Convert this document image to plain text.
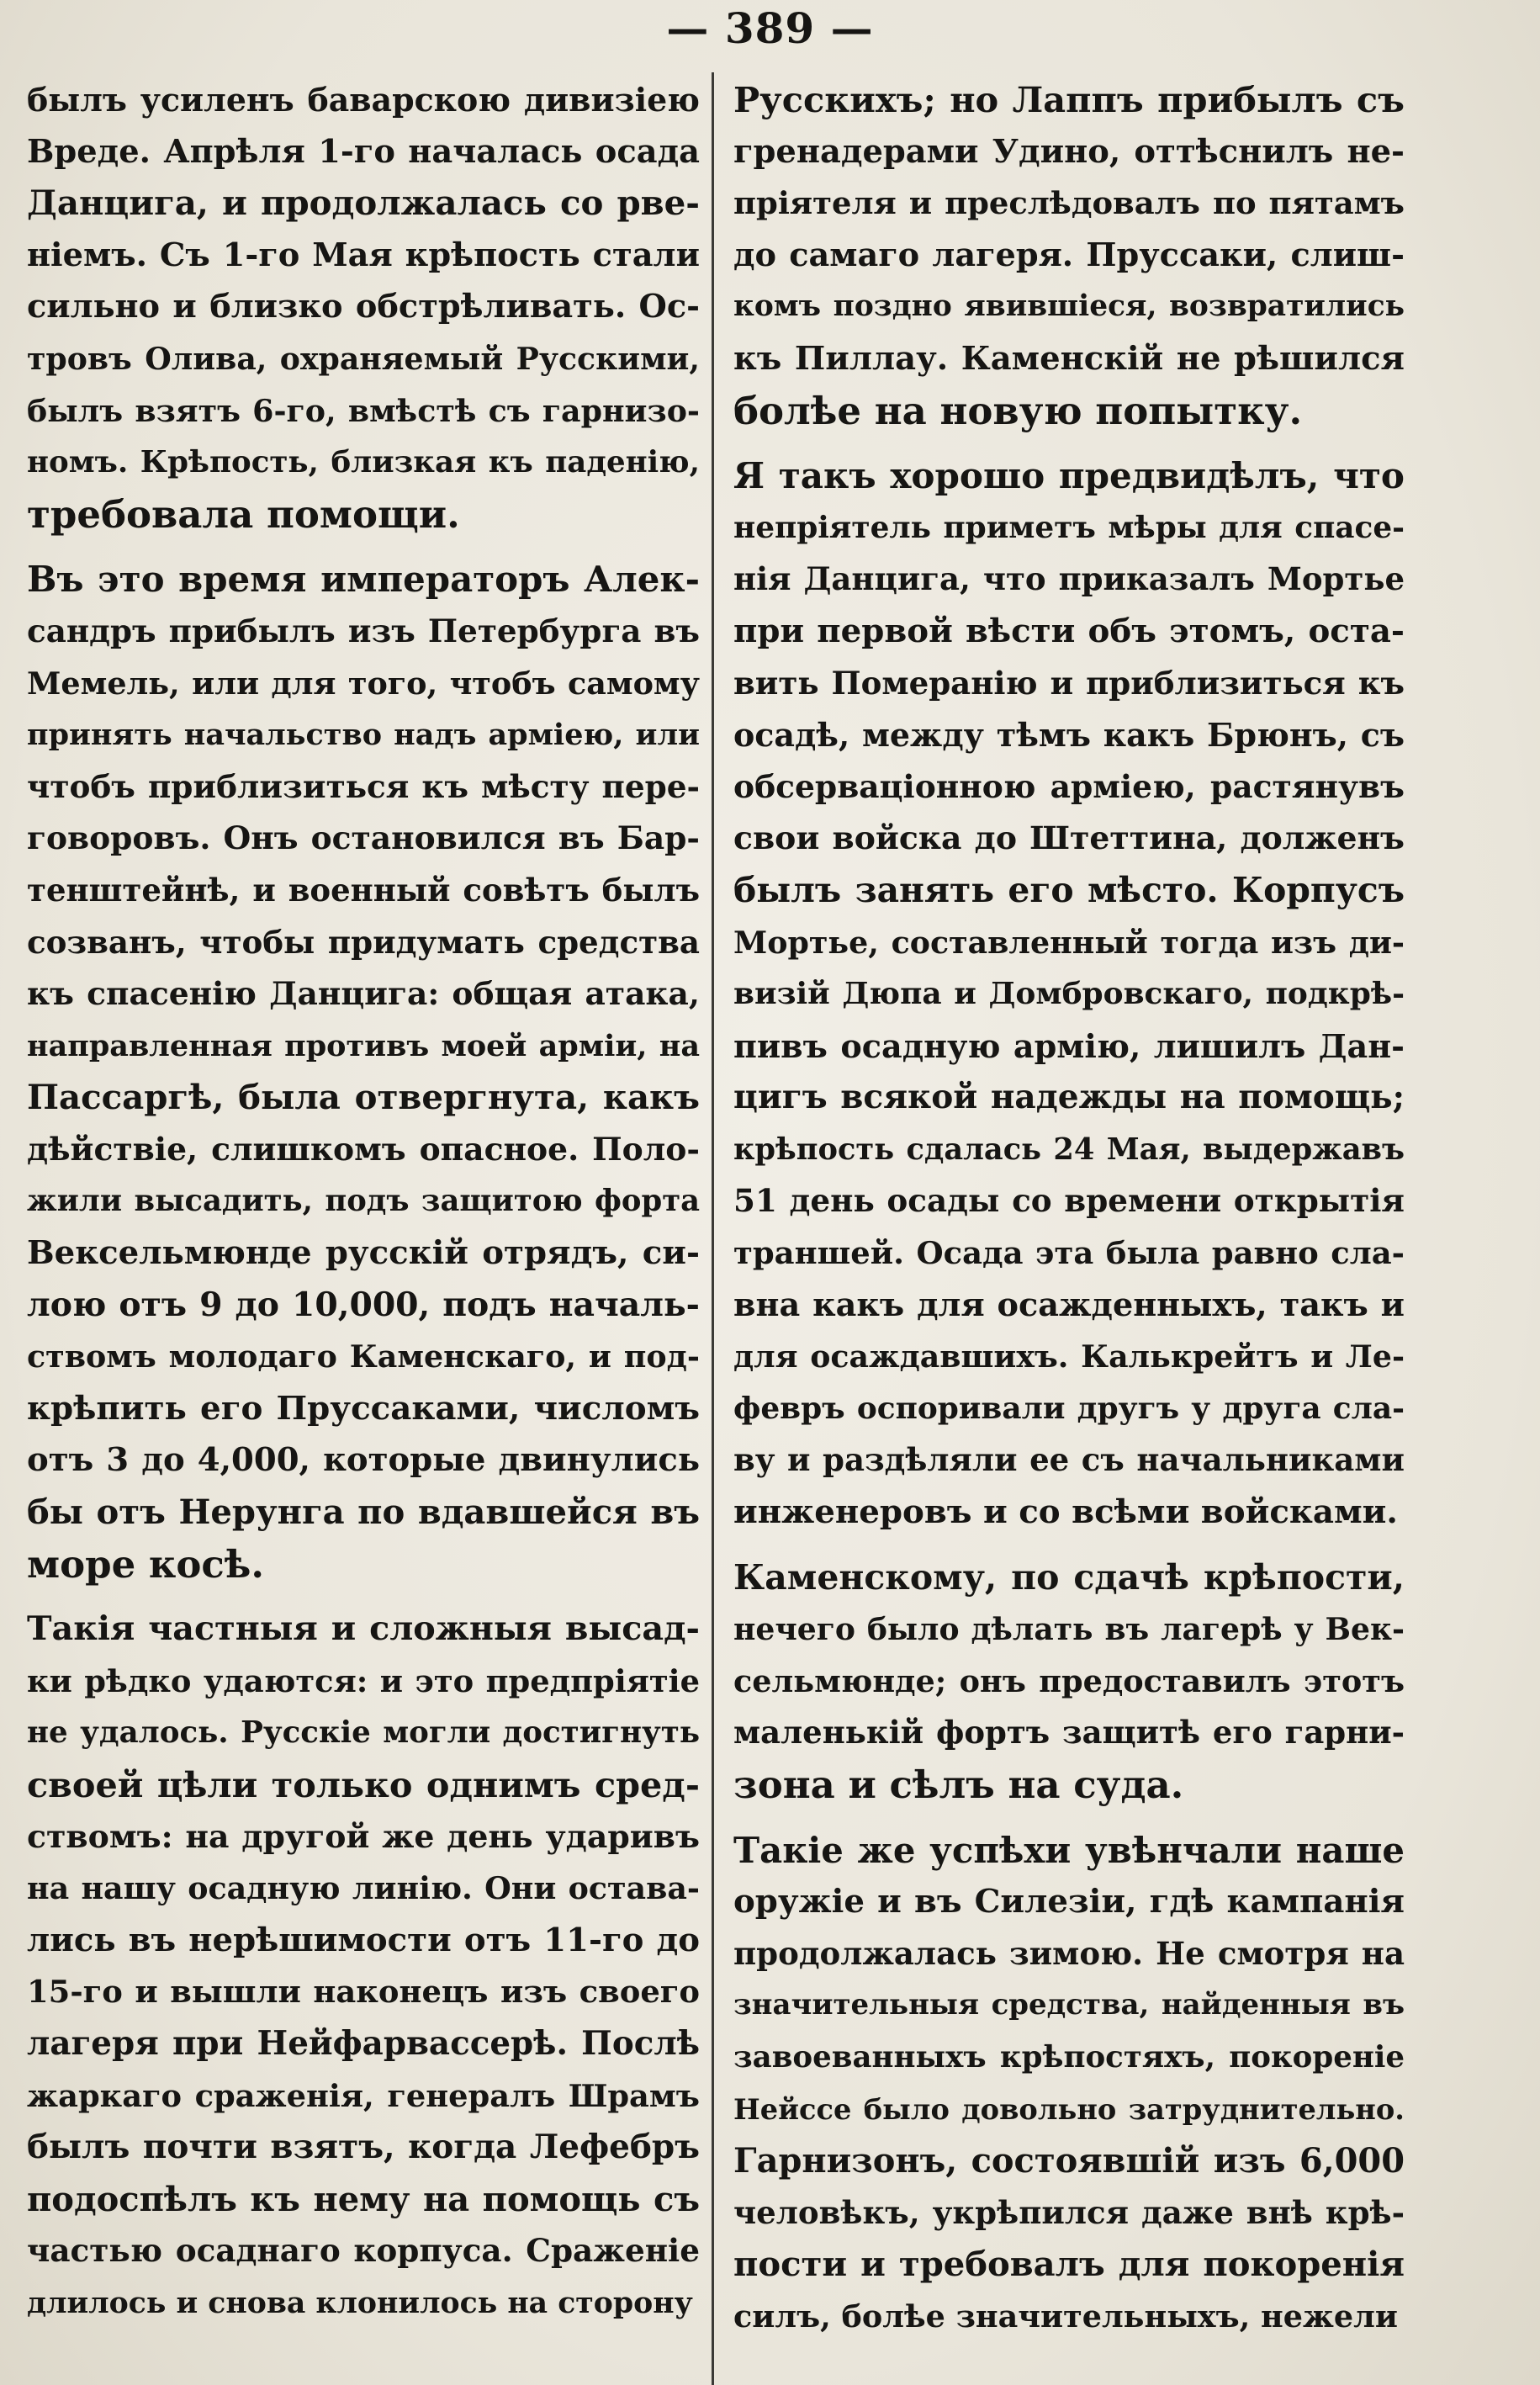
— 389 —
былъ усиленъ баварскою дивизіею
Вреде. Апрѣля 1-го началась осада
Данцига, и продолжалась со рве-
ніемъ. Съ 1-го Мая крѣпость стали
сильно и близко обстрѣливать. Ос-
тровъ Олива, охраняемый Русскими,
былъ взятъ 6-го, вмѣстѣ съ гарнизо-
номъ. Крѣпость, близкая къ паденію,
требовала помощи.
Въ это время императоръ Алек-
сандръ прибылъ изъ Петербурга въ
Мемель, или для того, чтобъ самому
принять начальство надъ арміею, или
чтобъ приблизиться къ мѣсту пере-
говоровъ. Онъ остановился въ Бар-
тенштейнѣ, и военный совѣтъ былъ
созванъ, чтобы придумать средства
къ спасенію Данцига: общая атака,
направленная противъ моей арміи, на
Пассаргѣ, была отвергнута, какъ
дѣйствіе, слишкомъ опасное. Поло-
жили высадить, подъ защитою форта
Вексельмюнде русскій отрядъ, си-
лою отъ 9 до 10,000, подъ началь-
ствомъ молодаго Каменскаго, и под-
крѣпить его Пруссаками, числомъ
отъ 3 до 4,000, которые двинулись
бы отъ Нерунга по вдавшейся въ
море косѣ.
Такія частныя и сложныя высад-
ки рѣдко удаются: и это предпріятіе
не удалось. Русскіе могли достигнуть
своей цѣли только однимъ сред-
ствомъ: на другой же день ударивъ
на нашу осадную линію. Они остава-
лись въ нерѣшимости отъ 11-го до
15-го и вышли наконецъ изъ своего
лагеря при Нейфарвассерѣ. Послѣ
жаркаго сраженія, генералъ Шрамъ
былъ почти взятъ, когда Лефебръ
подоспѣлъ къ нему на помощь съ
частью осаднаго корпуса. Сраженіе
длилось и снова клонилось на сторону
Русскихъ; но Лаппъ прибылъ съ
гренадерами Удино, оттѣснилъ не-
пріятеля и преслѣдовалъ по пятамъ
до самаго лагеря. Пруссаки, слиш-
комъ поздно явившіеся, возвратились
къ Пиллау. Каменскій не рѣшился
болѣе на новую попытку.
Я такъ хорошо предвидѣлъ, что
непріятель приметъ мѣры для спасе-
нія Данцига, что приказалъ Мортье
при первой вѣсти объ этомъ, оста-
вить Померанію и приблизиться къ
осадѣ, между тѣмъ какъ Брюнъ, съ
обсерваціонною арміею, растянувъ
свои войска до Штеттина, долженъ
былъ занять его мѣсто. Корпусъ
Мортье, составленный тогда изъ ди-
визій Дюпа и Домбровскаго, подкрѣ-
пивъ осадную армію, лишилъ Дан-
цигъ всякой надежды на помощь;
крѣпость сдалась 24 Мая, выдержавъ
51 день осады со времени открытія
траншей. Осада эта была равно сла-
вна какъ для осажденныхъ, такъ и
для осаждавшихъ. Калькрейтъ и Ле-
февръ оспоривали другъ у друга сла-
ву и раздѣляли ее съ начальниками
инженеровъ и со всѣми войсками.
Каменскому, по сдачѣ крѣпости,
нечего было дѣлать въ лагерѣ у Век-
сельмюнде; онъ предоставилъ этотъ
маленькій фортъ защитѣ его гарни-
зона и сѣлъ на суда.
Такіе же успѣхи увѣнчали наше
оружіе и въ Силезіи, гдѣ кампанія
продолжалась зимою. Не смотря на
значительныя средства, найденныя въ
завоеванныхъ крѣпостяхъ, покореніе
Нейссе было довольно затруднительно.
Гарнизонъ, состоявшій изъ 6,000
человѣкъ, укрѣпился даже внѣ крѣ-
пости и требовалъ для покоренія
силъ, болѣе значительныхъ, нежели
